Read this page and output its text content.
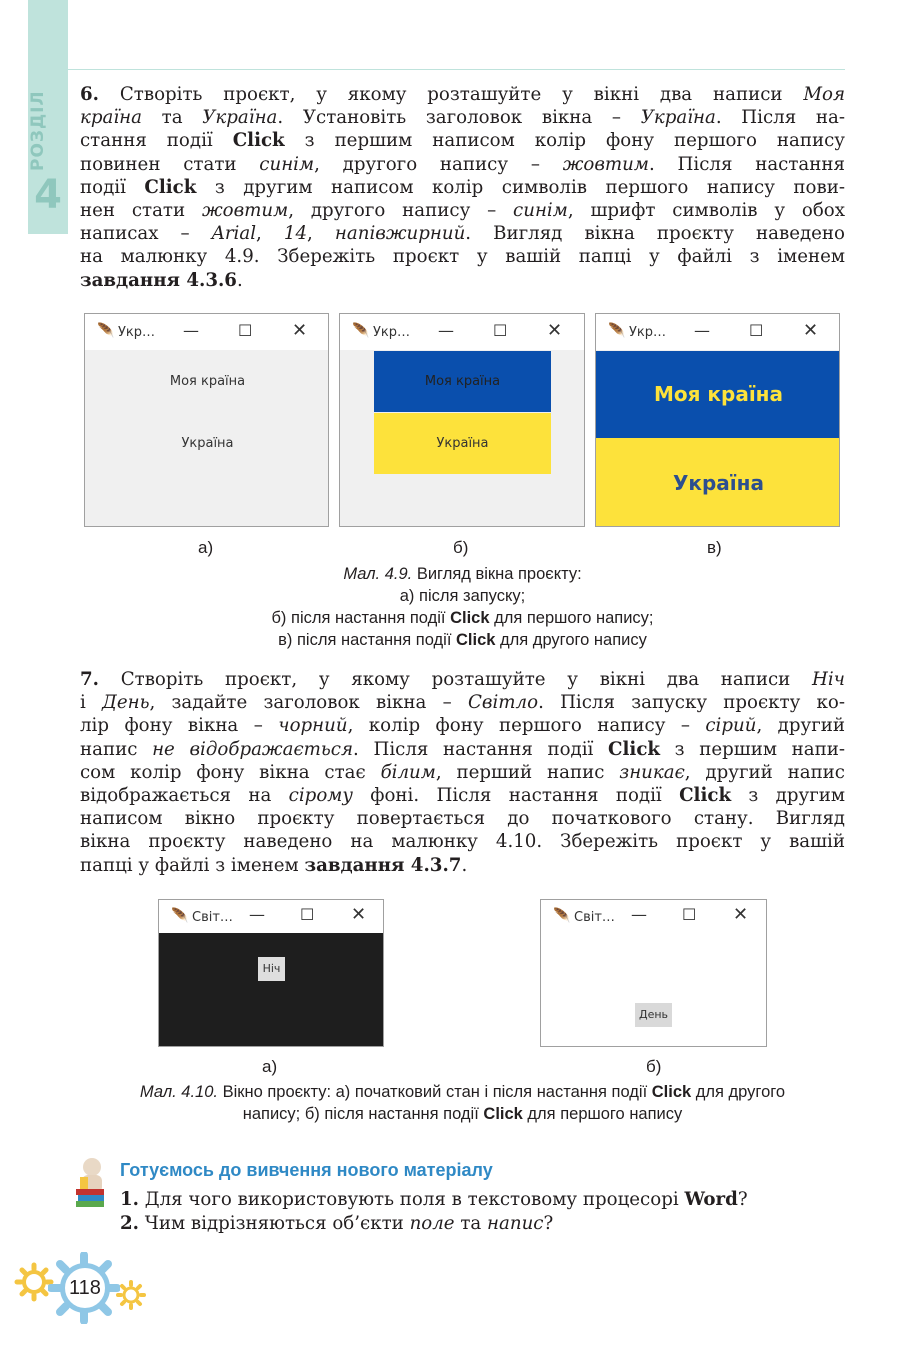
РОЗДІЛ
4
6. Створіть проєкт, у якому розташуйте у вікні два написи Моя
країна та Україна. Установіть заголовок вікна – Україна. Після на-
стання події Click з першим написом колір фону першого напису
повинен стати синім, другого напису – жовтим. Після настання
події Click з другим написом колір символів першого напису пови-
нен стати жовтим, другого напису – синім, шрифт символів у обох
написах – Arial, 14, напівжирний. Вигляд вікна проєкту наведено
на малюнку 4.9. Збережіть проєкт у вашій папці у файлі з іменем
завдання 4.3.6.
🪶 Укр… — ☐ ✕
Моя країна
Україна
🪶 Укр… — ☐ ✕
Моя країна
Україна
🪶 Укр… — ☐ ✕
Моя країна
Україна
а)	б)	в)
Мал. 4.9. Вигляд вікна проєкту:
а) після запуску;
б) після настання події Click для першого напису;
в) після настання події Click для другого напису
7. Створіть проєкт, у якому розташуйте у вікні два написи Ніч
і День, задайте заголовок вікна – Світло. Після запуску проєкту ко-
лір фону вікна – чорний, колір фону першого напису – сірий, другий
напис не відображається. Після настання події Click з першим напи-
сом колір фону вікна стає білим, перший напис зникає, другий напис
відображається на сірому фоні. Після настання події Click з другим
написом вікно проєкту повертається до початкового стану. Вигляд
вікна проєкту наведено на малюнку 4.10. Збережіть проєкт у вашій
папці у файлі з іменем завдання 4.3.7.
🪶 Світ… — ☐ ✕
Ніч
🪶 Світ… — ☐ ✕
День
а)	б)
Мал. 4.10. Вікно проєкту: а) початковий стан і після настання події Click для другого
напису; б) після настання події Click для першого напису
Готуємось до вивчення нового матеріалу
1. Для чого використовують поля в текстовому процесорі Word?
2. Чим відрізняються об’єкти поле та напис?
118
